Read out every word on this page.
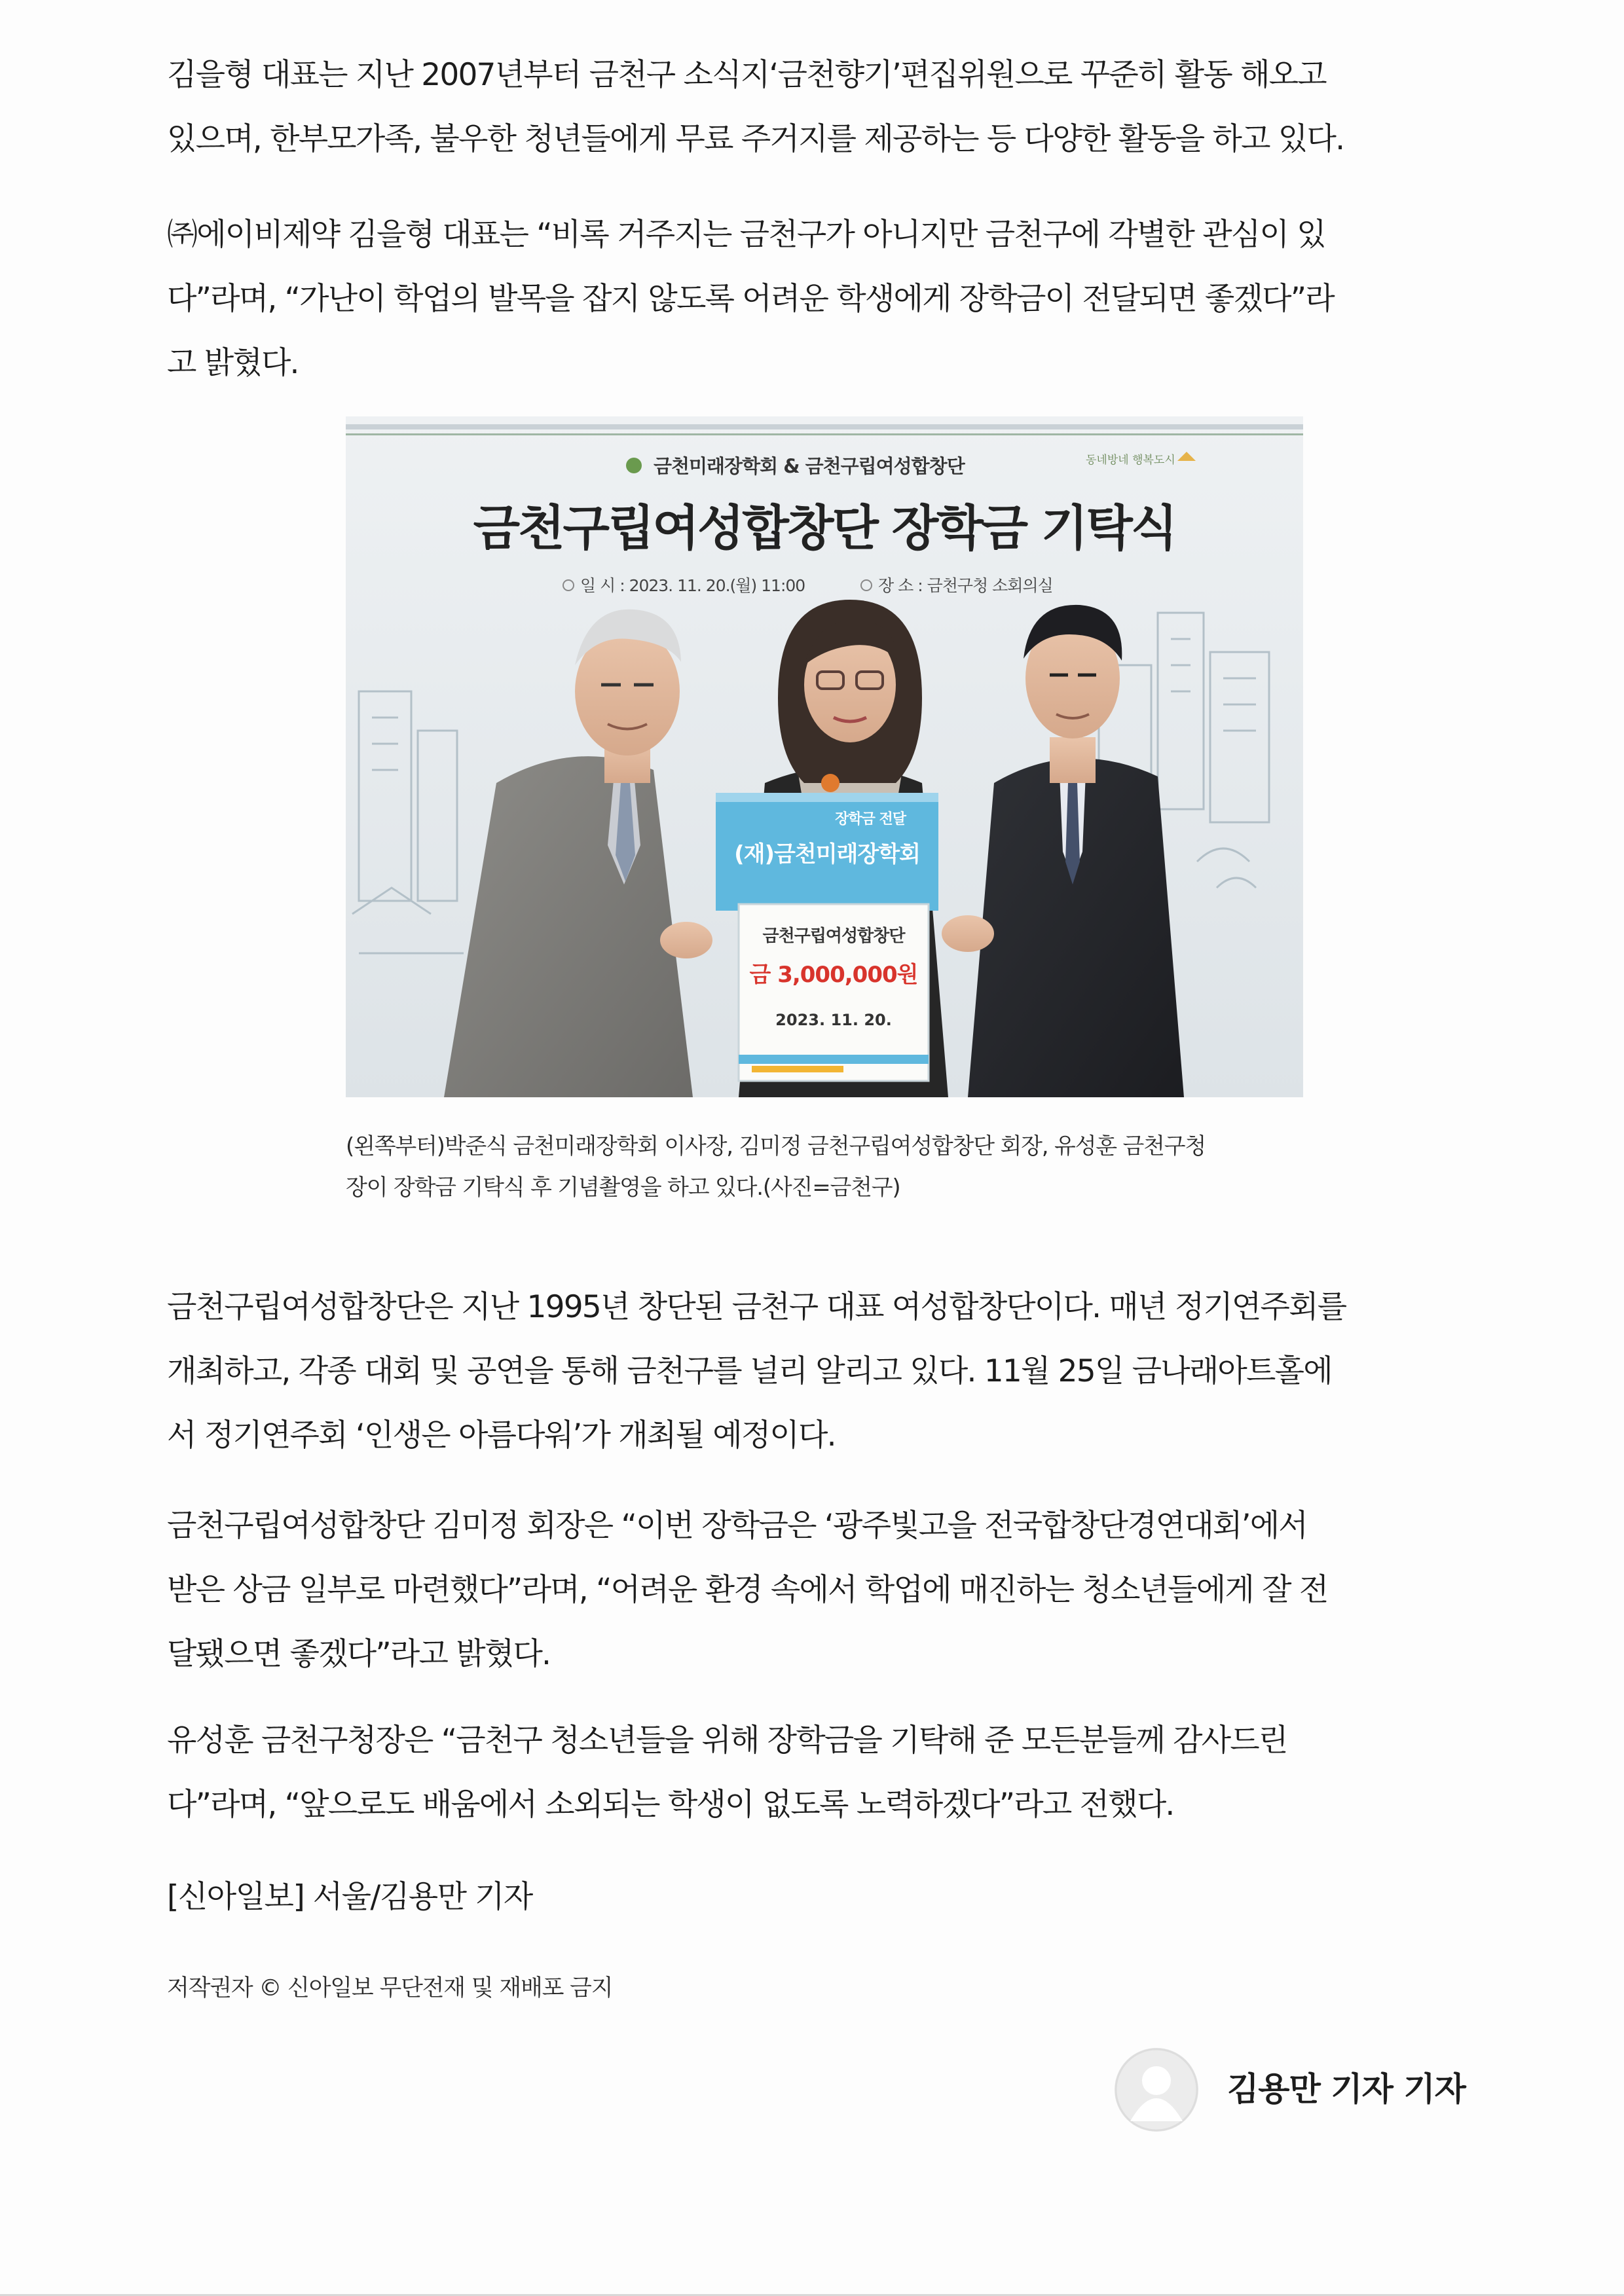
김을형 대표는 지난 2007년부터 금천구 소식지‘금천향기’편집위원으로 꾸준히 활동 해오고
있으며, 한부모가족, 불우한 청년들에게 무료 주거지를 제공하는 등 다양한 활동을 하고 있다.

㈜에이비제약 김을형 대표는 “비록 거주지는 금천구가 아니지만 금천구에 각별한 관심이 있
다”라며, “가난이 학업의 발목을 잡지 않도록 어려운 학생에게 장학금이 전달되면 좋겠다”라
고 밝혔다.

금천미래장학회 & 금천구립여성합창단	동네방네 행복도시
금천구립여성합창단 장학금 기탁식
일 시 : 2023. 11. 20.(월) 11:00	장 소 : 금천구청 소회의실
장학금 전달
(재)금천미래장학회
금천구립여성합창단
금 3,000,000원
2023. 11. 20.
(왼쪽부터)박준식 금천미래장학회 이사장, 김미정 금천구립여성합창단 회장, 유성훈 금천구청
장이 장학금 기탁식 후 기념촬영을 하고 있다.(사진=금천구)

금천구립여성합창단은 지난 1995년 창단된 금천구 대표 여성합창단이다. 매년 정기연주회를
개최하고, 각종 대회 및 공연을 통해 금천구를 널리 알리고 있다. 11월 25일 금나래아트홀에
서 정기연주회 ‘인생은 아름다워’가 개최될 예정이다.

금천구립여성합창단 김미정 회장은 “이번 장학금은 ‘광주빛고을 전국합창단경연대회’에서
받은 상금 일부로 마련했다”라며, “어려운 환경 속에서 학업에 매진하는 청소년들에게 잘 전
달됐으면 좋겠다”라고 밝혔다.

유성훈 금천구청장은 “금천구 청소년들을 위해 장학금을 기탁해 준 모든분들께 감사드린
다”라며, “앞으로도 배움에서 소외되는 학생이 없도록 노력하겠다”라고 전했다.

[신아일보] 서울/김용만 기자
저작권자 © 신아일보 무단전재 및 재배포 금지
김용만 기자 기자
